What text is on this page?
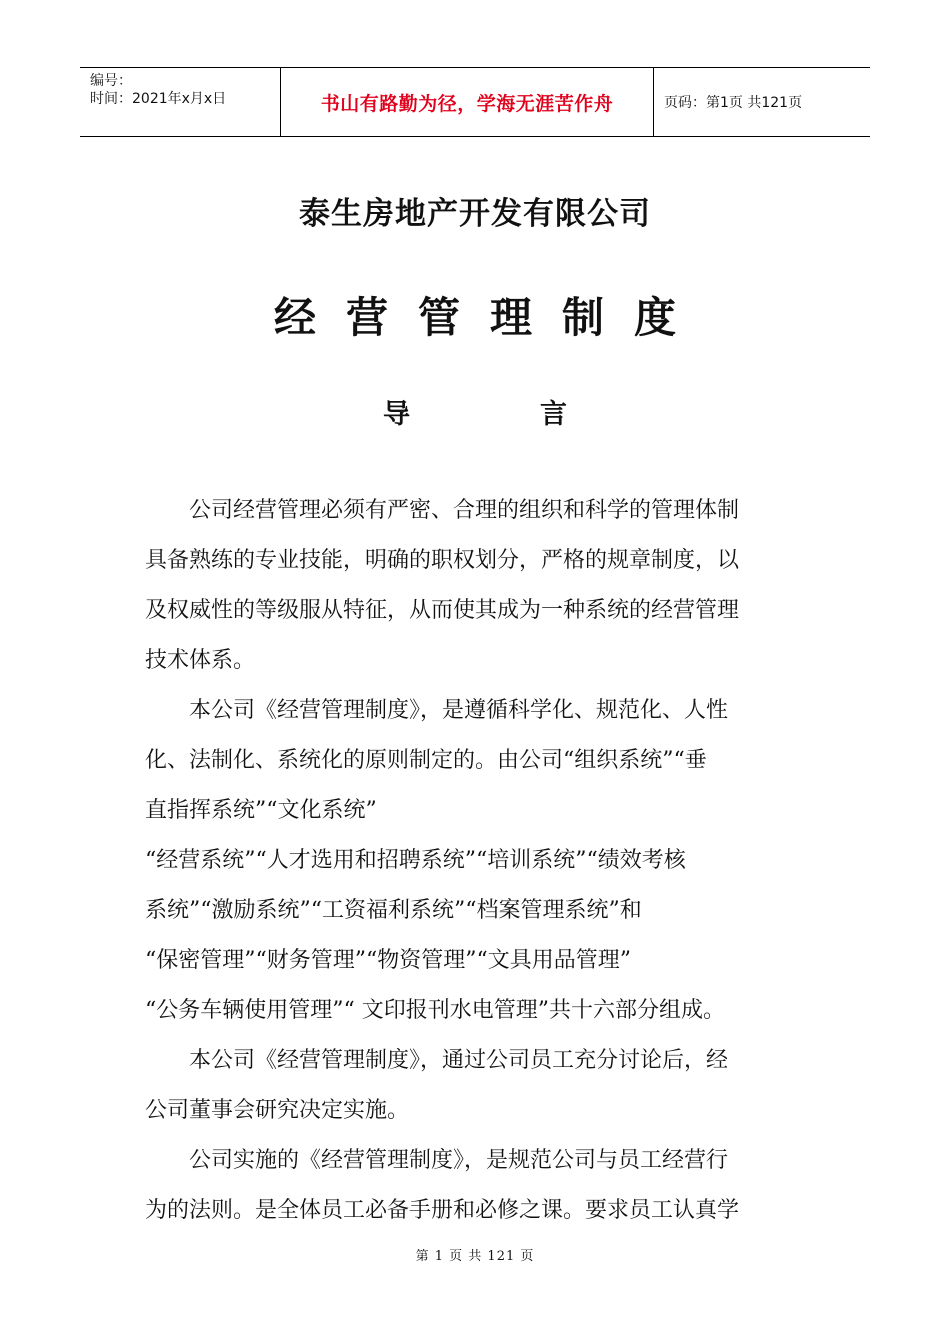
编号：
时间：2021年x月x日	书山有路勤为径，学海无涯苦作舟	页码：第1页 共121页
泰生房地产开发有限公司
经营管理制度
导	言
　　公司经营管理必须有严密、合理的组织和科学的管理体制
具备熟练的专业技能，明确的职权划分，严格的规章制度，以
及权威性的等级服从特征，从而使其成为一种系统的经营管理
技术体系。
　　本公司《经营管理制度》，是遵循科学化、规范化、人性
化、法制化、系统化的原则制定的。由公司“组织系统”“垂
直指挥系统”“文化系统”
“经营系统”“人才选用和招聘系统”“培训系统”“绩效考核
系统”“激励系统”“工资福利系统”“档案管理系统”和
“保密管理”“财务管理”“物资管理”“文具用品管理”
“公务车辆使用管理”“ 文印报刊水电管理”共十六部分组成。
　　本公司《经营管理制度》，通过公司员工充分讨论后，经
公司董事会研究决定实施。
　　公司实施的《经营管理制度》，是规范公司与员工经营行
为的法则。是全体员工必备手册和必修之课。要求员工认真学
第 1 页 共 121 页
